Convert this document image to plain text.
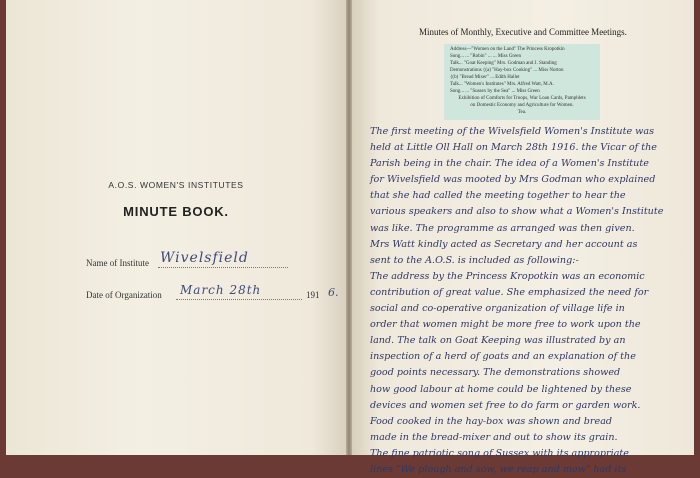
A.O.S. WOMEN'S INSTITUTES
MINUTE BOOK.
Name of Institute Wivelsfield
Date of Organization March 28th	191 6.
Minutes of Monthly, Executive and Committee Meetings.
Address—"Women on the Land" The Princess Kropotkin
Song... ... "Robin" ... ... Miss Green
Talk... "Goat Keeping" Mrs. Godman and J. Standing
Demonstrations {(a) "Hay-box Cooking" ... Miss Norton
{(b) "Bread Mixer" ... Edith Hallet
Talk... "Women's Institutes" Mrs. Alfred Watt, M.A.
Song... ... "Sussex by the Sea" ... Miss Green
Exhibition of Comforts for Troops, War Loan Cards, Pamphlets
on Domestic Economy and Agriculture for Women.
Tea.
The first meeting of the Wivelsfield Women's Institute was
held at Little Oll Hall on March 28th 1916. the Vicar of the
Parish being in the chair. The idea of a Women's Institute
for Wivelsfield was mooted by Mrs Godman who explained
that she had called the meeting together to hear the
various speakers and also to show what a Women's Institute
was like. The programme as arranged was then given.
Mrs Watt kindly acted as Secretary and her account as
sent to the A.O.S. is included as following:-
The address by the Princess Kropotkin was an economic
contribution of great value. She emphasized the need for
social and co-operative organization of village life in
order that women might be more free to work upon the
land. The talk on Goat Keeping was illustrated by an
inspection of a herd of goats and an explanation of the
good points necessary. The demonstrations showed
how good labour at home could be lightened by these
devices and women set free to do farm or garden work.
Food cooked in the hay-box was shown and bread
made in the bread-mixer and out to show its grain.
The fine patriotic song of Sussex with its appropriate
lines "We plough and sow, we reap and mow" had its
